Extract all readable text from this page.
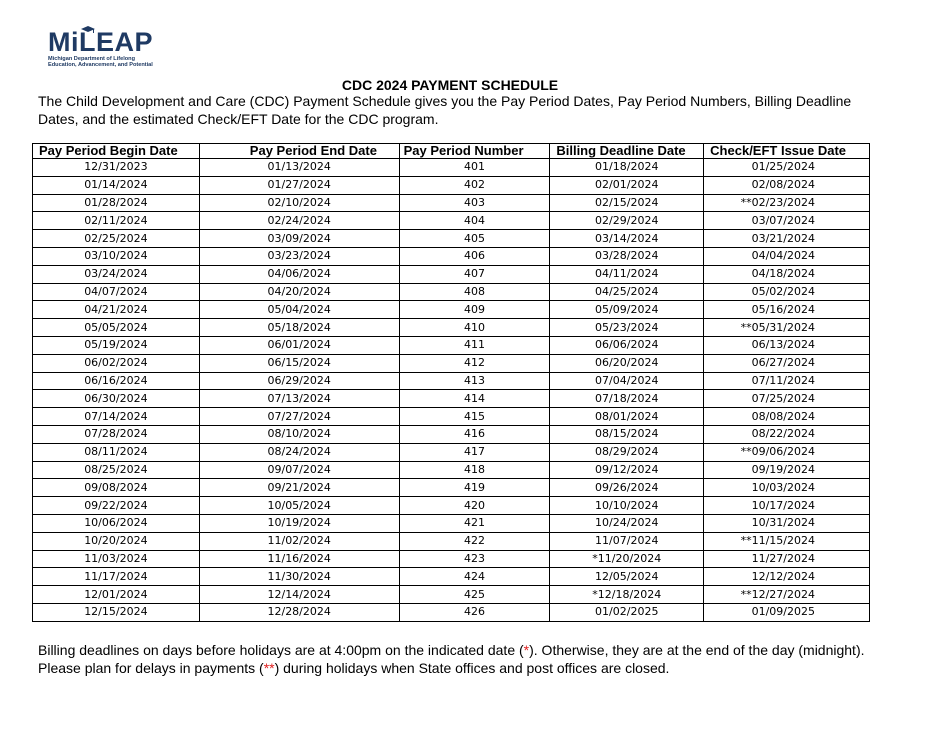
MiLEAP
Michigan Department of Lifelong
Education, Advancement, and Potential
CDC 2024 PAYMENT SCHEDULE
The Child Development and Care (CDC) Payment Schedule gives you the Pay Period Dates, Pay Period Numbers, Billing Deadline Dates, and the estimated Check/EFT Date for the CDC program.
Pay Period Begin Date	Pay Period End Date	Pay Period Number	Billing Deadline Date	Check/EFT Issue Date
12/31/2023	01/13/2024	401	01/18/2024	01/25/2024
01/14/2024	01/27/2024	402	02/01/2024	02/08/2024
01/28/2024	02/10/2024	403	02/15/2024	**02/23/2024
02/11/2024	02/24/2024	404	02/29/2024	03/07/2024
02/25/2024	03/09/2024	405	03/14/2024	03/21/2024
03/10/2024	03/23/2024	406	03/28/2024	04/04/2024
03/24/2024	04/06/2024	407	04/11/2024	04/18/2024
04/07/2024	04/20/2024	408	04/25/2024	05/02/2024
04/21/2024	05/04/2024	409	05/09/2024	05/16/2024
05/05/2024	05/18/2024	410	05/23/2024	**05/31/2024
05/19/2024	06/01/2024	411	06/06/2024	06/13/2024
06/02/2024	06/15/2024	412	06/20/2024	06/27/2024
06/16/2024	06/29/2024	413	07/04/2024	07/11/2024
06/30/2024	07/13/2024	414	07/18/2024	07/25/2024
07/14/2024	07/27/2024	415	08/01/2024	08/08/2024
07/28/2024	08/10/2024	416	08/15/2024	08/22/2024
08/11/2024	08/24/2024	417	08/29/2024	**09/06/2024
08/25/2024	09/07/2024	418	09/12/2024	09/19/2024
09/08/2024	09/21/2024	419	09/26/2024	10/03/2024
09/22/2024	10/05/2024	420	10/10/2024	10/17/2024
10/06/2024	10/19/2024	421	10/24/2024	10/31/2024
10/20/2024	11/02/2024	422	11/07/2024	**11/15/2024
11/03/2024	11/16/2024	423	*11/20/2024	11/27/2024
11/17/2024	11/30/2024	424	12/05/2024	12/12/2024
12/01/2024	12/14/2024	425	*12/18/2024	**12/27/2024
12/15/2024	12/28/2024	426	01/02/2025	01/09/2025
Billing deadlines on days before holidays are at 4:00pm on the indicated date (*). Otherwise, they are at the end of the day (midnight). Please plan for delays in payments (**) during holidays when State offices and post offices are closed.
